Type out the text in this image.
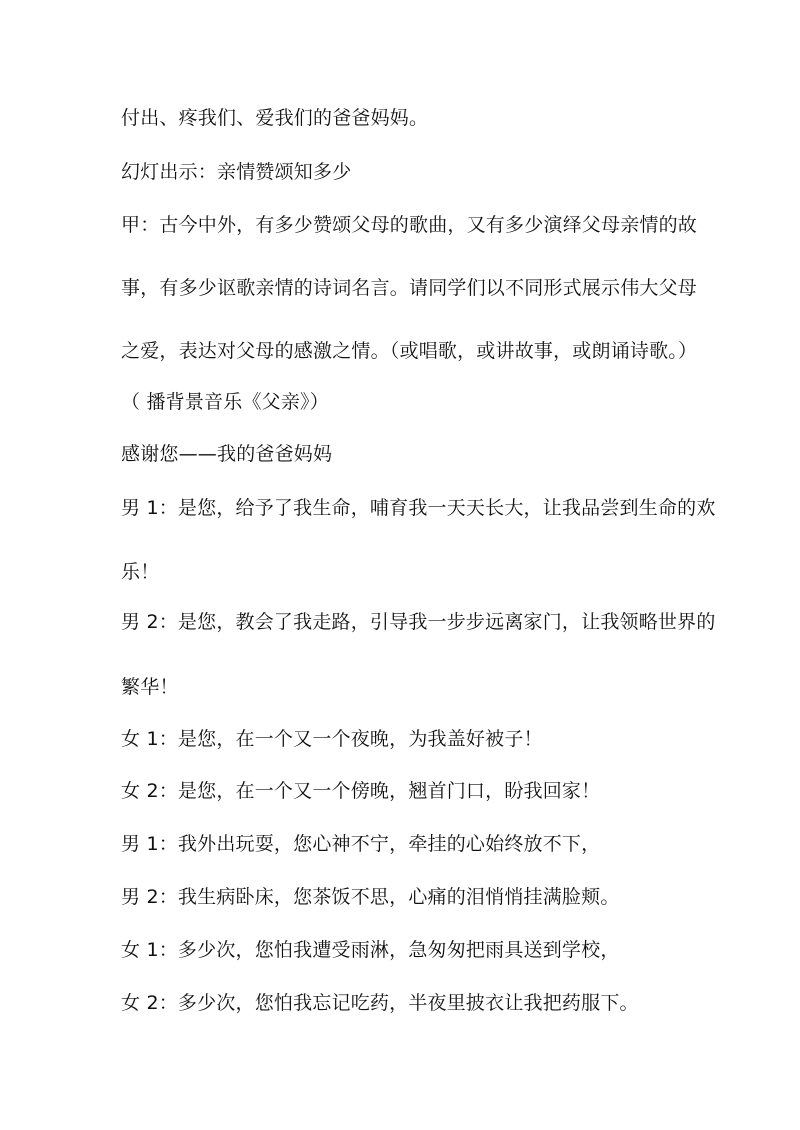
付出、疼我们、爱我们的爸爸妈妈。
幻灯出示：亲情赞颂知多少
甲：古今中外，有多少赞颂父母的歌曲，又有多少演绎父母亲情的故
事，有多少讴歌亲情的诗词名言。请同学们以不同形式展示伟大父母
之爱，表达对父母的感激之情。（或唱歌，或讲故事，或朗诵诗歌。）
（ 播背景音乐《父亲》）
感谢您——我的爸爸妈妈
男 1：是您，给予了我生命，哺育我一天天长大，让我品尝到生命的欢
乐！
男 2：是您，教会了我走路，引导我一步步远离家门，让我领略世界的
繁华！
女 1：是您，在一个又一个夜晚，为我盖好被子！
女 2：是您，在一个又一个傍晚，翘首门口，盼我回家！
男 1：我外出玩耍，您心神不宁，牵挂的心始终放不下，
男 2：我生病卧床，您茶饭不思，心痛的泪悄悄挂满脸颊。
女 1：多少次，您怕我遭受雨淋，急匆匆把雨具送到学校，
女 2：多少次，您怕我忘记吃药，半夜里披衣让我把药服下。
